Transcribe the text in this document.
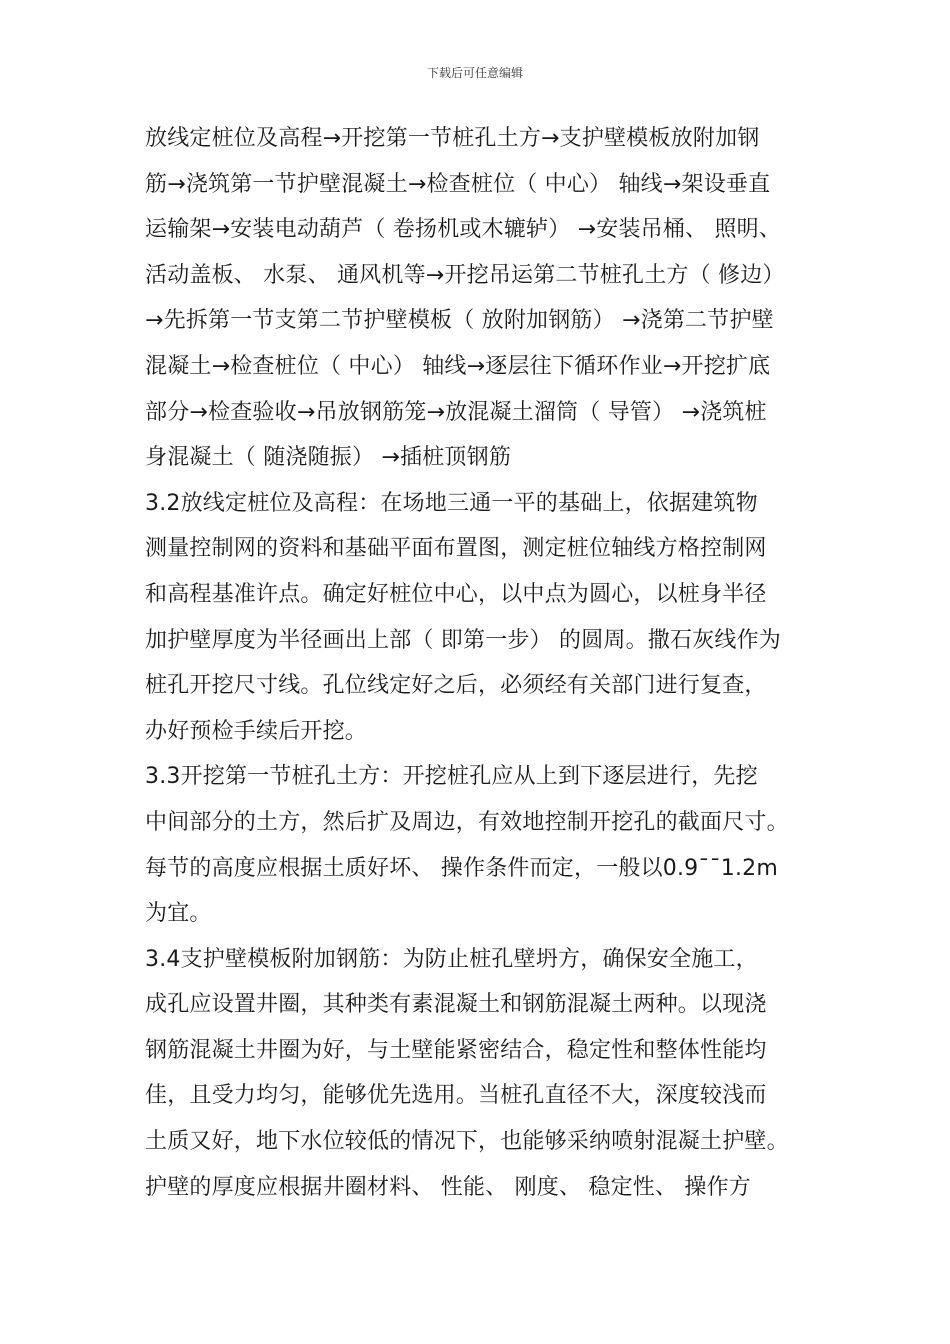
下载后可任意编辑
放线定桩位及高程→开挖第一节桩孔土方→支护壁模板放附加钢
筋→浇筑第一节护壁混凝土→检查桩位（ 中心） 轴线→架设垂直
运输架→安装电动葫芦（ 卷扬机或木辘轳） →安装吊桶、 照明、
活动盖板、 水泵、 通风机等→开挖吊运第二节桩孔土方（ 修边）
→先拆第一节支第二节护壁模板（ 放附加钢筋） →浇第二节护壁
混凝土→检查桩位（ 中心） 轴线→逐层往下循环作业→开挖扩底
部分→检查验收→吊放钢筋笼→放混凝土溜筒（ 导管） →浇筑桩
身混凝土（ 随浇随振） →插桩顶钢筋
3.2放线定桩位及高程：在场地三通一平的基础上，依据建筑物
测量控制网的资料和基础平面布置图，测定桩位轴线方格控制网
和高程基准许点。确定好桩位中心，以中点为圆心，以桩身半径
加护壁厚度为半径画出上部（ 即第一步） 的圆周。撒石灰线作为
桩孔开挖尺寸线。孔位线定好之后，必须经有关部门进行复查，
办好预检手续后开挖。
3.3开挖第一节桩孔土方：开挖桩孔应从上到下逐层进行，先挖
中间部分的土方，然后扩及周边，有效地控制开挖孔的截面尺寸。
每节的高度应根据土质好坏、 操作条件而定，一般以0.9¯¯1.2m
为宜。
3.4支护壁模板附加钢筋：为防止桩孔壁坍方，确保安全施工，
成孔应设置井圈，其种类有素混凝土和钢筋混凝土两种。以现浇
钢筋混凝土井圈为好，与土壁能紧密结合，稳定性和整体性能均
佳，且受力均匀，能够优先选用。当桩孔直径不大，深度较浅而
土质又好，地下水位较低的情况下，也能够采纳喷射混凝土护壁。
护壁的厚度应根据井圈材料、 性能、 刚度、 稳定性、 操作方
